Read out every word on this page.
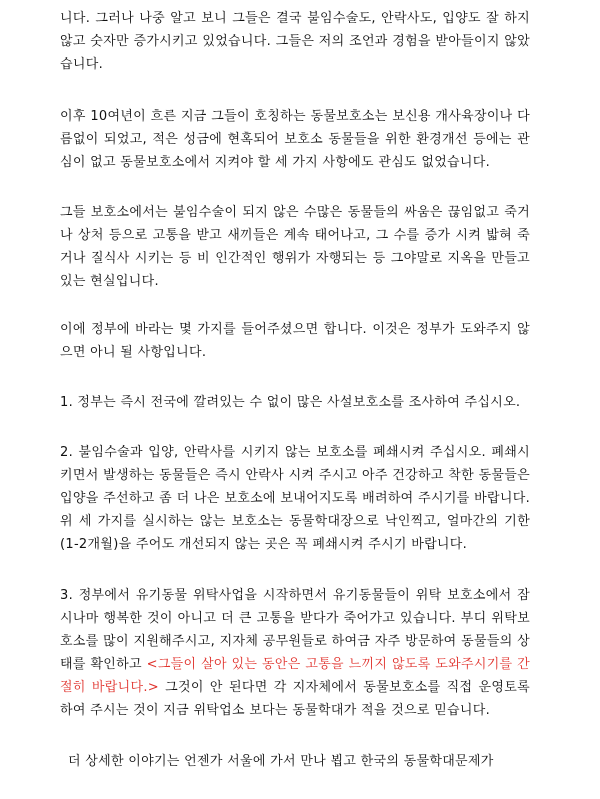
니다. 그러나 나중 알고 보니 그들은 결국 불임수술도, 안락사도, 입양도 잘 하지 않고 숫자만 증가시키고 있었습니다. 그들은 저의 조언과 경험을 받아들이지 않았습니다.

이후 10여년이 흐른 지금 그들이 호칭하는 동물보호소는 보신용 개사육장이나 다름없이 되었고, 적은 성금에 현혹되어 보호소 동물들을 위한 환경개선 등에는 관심이 없고 동물보호소에서 지켜야 할 세 가지 사항에도 관심도 없었습니다.

그들 보호소에서는 불임수술이 되지 않은 수많은 동물들의 싸움은 끊임없고 죽거나 상처 등으로 고통을 받고 새끼들은 계속 태어나고, 그 수를 증가 시켜 밟혀 죽거나 질식사 시키는 등 비 인간적인 행위가 자행되는 등 그야말로 지옥을 만들고 있는 현실입니다.

이에 정부에 바라는 몇 가지를 들어주셨으면 합니다. 이것은 정부가 도와주지 않으면 아니 될 사항입니다.

1. 정부는 즉시 전국에 깔려있는 수 없이 많은 사설보호소를 조사하여 주십시오.

2. 불임수술과 입양, 안락사를 시키지 않는 보호소를 폐쇄시켜 주십시오. 폐쇄시키면서 발생하는 동물들은 즉시 안락사 시켜 주시고 아주 건강하고 착한 동물들은 입양을 주선하고 좀 더 나은 보호소에 보내어지도록 배려하여 주시기를 바랍니다. 위 세 가지를 실시하는 않는 보호소는 동물학대장으로 낙인찍고, 얼마간의 기한(1-2개월)을 주어도 개선되지 않는 곳은 꼭 폐쇄시켜 주시기 바랍니다.

3. 정부에서 유기동물 위탁사업을 시작하면서 유기동물들이 위탁 보호소에서 잠시나마 행복한 것이 아니고 더 큰 고통을 받다가 죽어가고 있습니다. 부디 위탁보호소를 많이 지원해주시고, 지자체 공무원들로 하여금 자주 방문하여 동물들의 상태를 확인하고 <그들이 살아 있는 동안은 고통을 느끼지 않도록 도와주시기를 간절히 바랍니다.> 그것이 안 된다면 각 지자체에서 동물보호소를 직접 운영토록 하여 주시는 것이 지금 위탁업소 보다는 동물학대가 적을 것으로 믿습니다.

더 상세한 이야기는 언젠가 서울에 가서 만나 뵙고 한국의 동물학대문제가
